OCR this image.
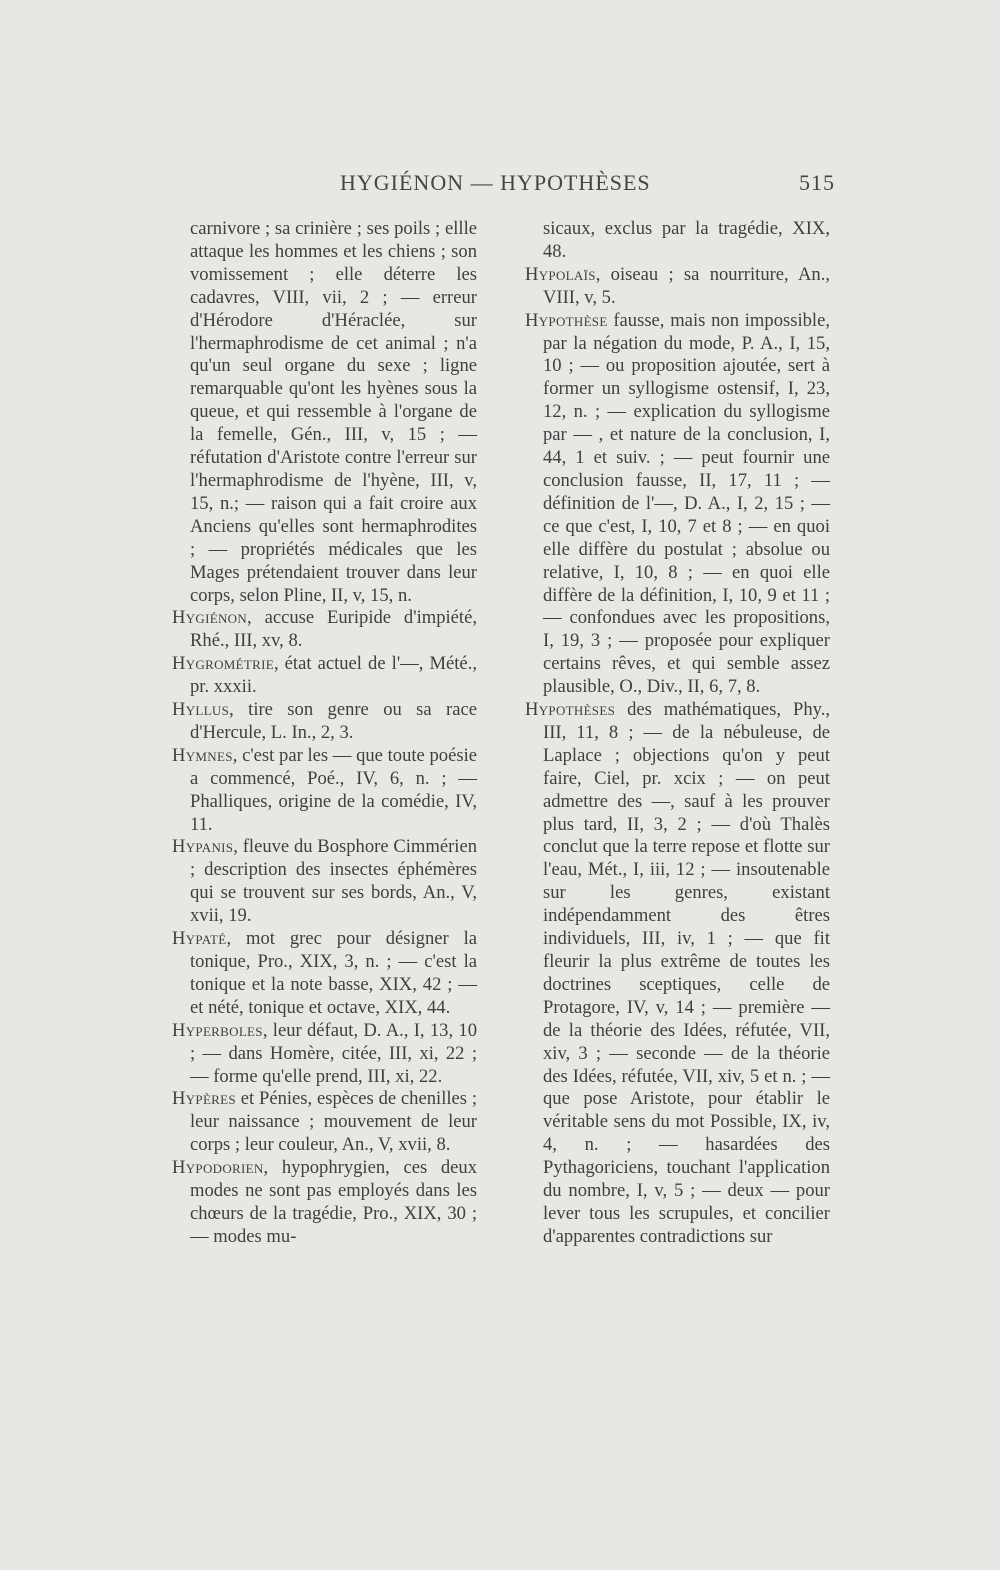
HYGIÉNON — HYPOTHÈSES	515

carnivore ; sa crinière ; ses poils ; ellle attaque les hommes et les chiens ; son vomissement ; elle déterre les cadavres, VIII, vii, 2 ; — erreur d'Hérodore d'Héraclée, sur l'hermaphrodisme de cet animal ; n'a qu'un seul organe du sexe ; ligne remarquable qu'ont les hyènes sous la queue, et qui ressemble à l'organe de la femelle, Gén., III, v, 15 ; — réfutation d'Aristote contre l'erreur sur l'hermaphrodisme de l'hyène, III, v, 15, n.; — raison qui a fait croire aux Anciens qu'elles sont hermaphrodites ; — propriétés médicales que les Mages prétendaient trouver dans leur corps, selon Pline, II, v, 15, n.

Hygiénon, accuse Euripide d'impiété, Rhé., III, xv, 8.

Hygrométrie, état actuel de l'—, Mété., pr. xxxii.

Hyllus, tire son genre ou sa race d'Hercule, L. In., 2, 3.

Hymnes, c'est par les — que toute poésie a commencé, Poé., IV, 6, n. ; — Phalliques, origine de la comédie, IV, 11.

Hypanis, fleuve du Bosphore Cimmérien ; description des insectes éphémères qui se trouvent sur ses bords, An., V, xvii, 19.

Hypaté, mot grec pour désigner la tonique, Pro., XIX, 3, n. ; — c'est la tonique et la note basse, XIX, 42 ; — et nété, tonique et octave, XIX, 44.

Hyperboles, leur défaut, D. A., I, 13, 10 ; — dans Homère, citée, III, xi, 22 ; — forme qu'elle prend, III, xi, 22.

Hypères et Pénies, espèces de chenilles ; leur naissance ; mouvement de leur corps ; leur couleur, An., V, xvii, 8.

Hypodorien, hypophrygien, ces deux modes ne sont pas employés dans les chœurs de la tragédie, Pro., XIX, 30 ; — modes mu-

sicaux, exclus par la tragédie, XIX, 48.

Hypolaïs, oiseau ; sa nourriture, An., VIII, v, 5.

Hypothèse fausse, mais non impossible, par la négation du mode, P. A., I, 15, 10 ; — ou proposition ajoutée, sert à former un syllogisme ostensif, I, 23, 12, n. ; — explication du syllogisme par — , et nature de la conclusion, I, 44, 1 et suiv. ; — peut fournir une conclusion fausse, II, 17, 11 ; — définition de l'—, D. A., I, 2, 15 ; — ce que c'est, I, 10, 7 et 8 ; — en quoi elle diffère du postulat ; absolue ou relative, I, 10, 8 ; — en quoi elle diffère de la définition, I, 10, 9 et 11 ; — confondues avec les propositions, I, 19, 3 ; — proposée pour expliquer certains rêves, et qui semble assez plausible, O., Div., II, 6, 7, 8.

Hypothèses des mathématiques, Phy., III, 11, 8 ; — de la nébuleuse, de Laplace ; objections qu'on y peut faire, Ciel, pr. xcix ; — on peut admettre des —, sauf à les prouver plus tard, II, 3, 2 ; — d'où Thalès conclut que la terre repose et flotte sur l'eau, Mét., I, iii, 12 ; — insoutenable sur les genres, existant indépendamment des êtres individuels, III, iv, 1 ; — que fit fleurir la plus extrême de toutes les doctrines sceptiques, celle de Protagore, IV, v, 14 ; — première — de la théorie des Idées, réfutée, VII, xiv, 3 ; — seconde — de la théorie des Idées, réfutée, VII, xiv, 5 et n. ; — que pose Aristote, pour établir le véritable sens du mot Possible, IX, iv, 4, n. ; — hasardées des Pythagoriciens, touchant l'application du nombre, I, v, 5 ; — deux — pour lever tous les scrupules, et concilier d'apparentes contradictions sur
